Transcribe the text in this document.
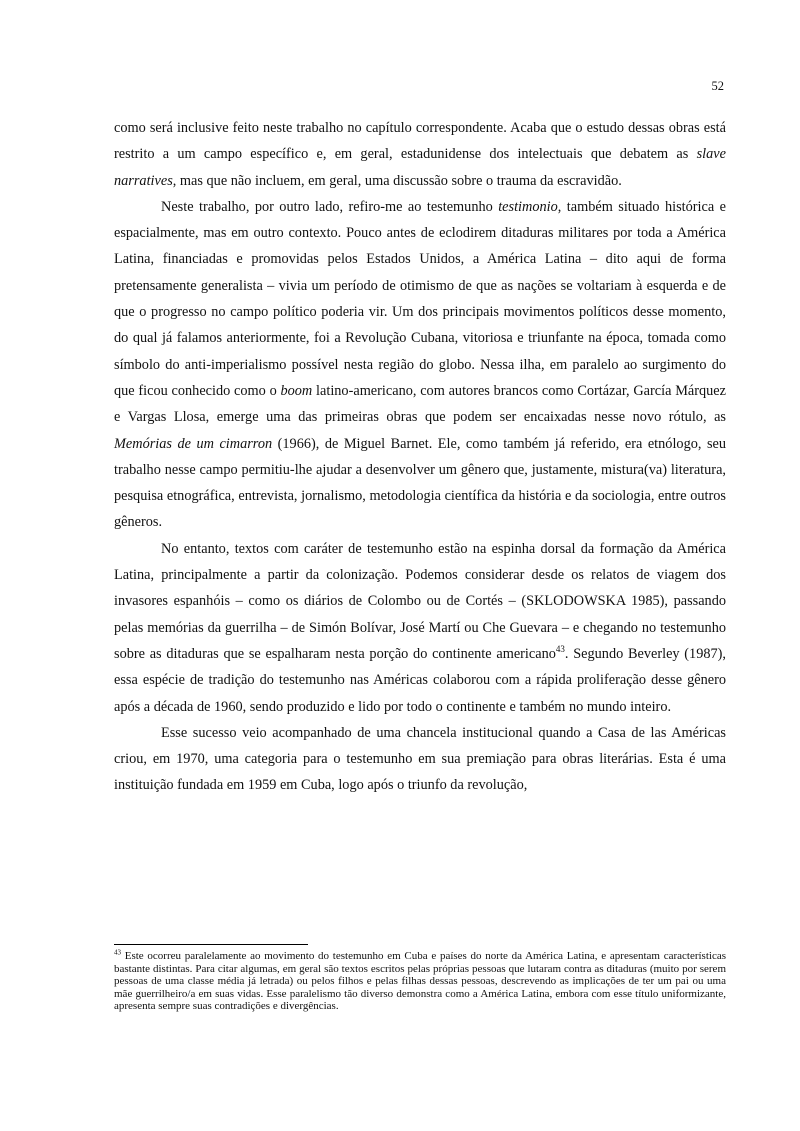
52

como será inclusive feito neste trabalho no capítulo correspondente. Acaba que o estudo dessas obras está restrito a um campo específico e, em geral, estadunidense dos intelectuais que debatem as slave narratives, mas que não incluem, em geral, uma discussão sobre o trauma da escravidão.

Neste trabalho, por outro lado, refiro-me ao testemunho testimonio, também situado histórica e espacialmente, mas em outro contexto. Pouco antes de eclodirem ditaduras militares por toda a América Latina, financiadas e promovidas pelos Estados Unidos, a América Latina – dito aqui de forma pretensamente generalista – vivia um período de otimismo de que as nações se voltariam à esquerda e de que o progresso no campo político poderia vir. Um dos principais movimentos políticos desse momento, do qual já falamos anteriormente, foi a Revolução Cubana, vitoriosa e triunfante na época, tomada como símbolo do anti-imperialismo possível nesta região do globo. Nessa ilha, em paralelo ao surgimento do que ficou conhecido como o boom latino-americano, com autores brancos como Cortázar, García Márquez e Vargas Llosa, emerge uma das primeiras obras que podem ser encaixadas nesse novo rótulo, as Memórias de um cimarron (1966), de Miguel Barnet. Ele, como também já referido, era etnólogo, seu trabalho nesse campo permitiu-lhe ajudar a desenvolver um gênero que, justamente, mistura(va) literatura, pesquisa etnográfica, entrevista, jornalismo, metodologia científica da história e da sociologia, entre outros gêneros.

No entanto, textos com caráter de testemunho estão na espinha dorsal da formação da América Latina, principalmente a partir da colonização. Podemos considerar desde os relatos de viagem dos invasores espanhóis – como os diários de Colombo ou de Cortés – (SKLODOWSKA 1985), passando pelas memórias da guerrilha – de Simón Bolívar, José Martí ou Che Guevara – e chegando no testemunho sobre as ditaduras que se espalharam nesta porção do continente americano$^{43}$. Segundo Beverley (1987), essa espécie de tradição do testemunho nas Américas colaborou com a rápida proliferação desse gênero após a década de 1960, sendo produzido e lido por todo o continente e também no mundo inteiro.

Esse sucesso veio acompanhado de uma chancela institucional quando a Casa de las Américas criou, em 1970, uma categoria para o testemunho em sua premiação para obras literárias. Esta é uma instituição fundada em 1959 em Cuba, logo após o triunfo da revolução,

$^{43}$ Este ocorreu paralelamente ao movimento do testemunho em Cuba e países do norte da América Latina, e apresentam características bastante distintas. Para citar algumas, em geral são textos escritos pelas próprias pessoas que lutaram contra as ditaduras (muito por serem pessoas de uma classe média já letrada) ou pelos filhos e pelas filhas dessas pessoas, descrevendo as implicações de ter um pai ou uma mãe guerrilheiro/a em suas vidas. Esse paralelismo tão diverso demonstra como a América Latina, embora com esse título uniformizante, apresenta sempre suas contradições e divergências.
